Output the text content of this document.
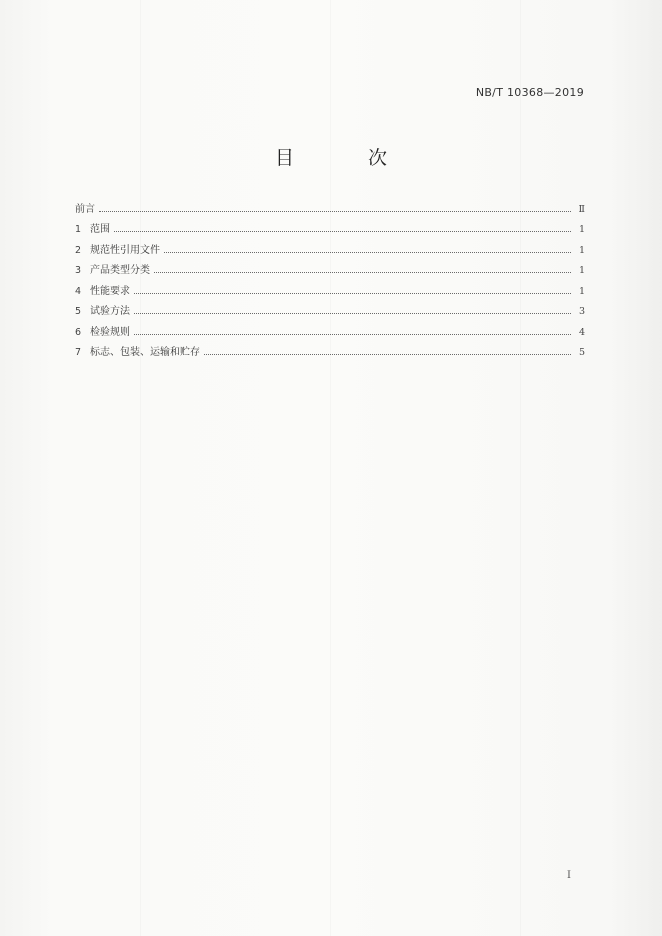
NB/T 10368—2019
目 次
前言	Ⅱ
1 范围	1
2 规范性引用文件	1
3 产品类型分类	1
4 性能要求	1
5 试验方法	3
6 检验规则	4
7 标志、包装、运输和贮存	5
Ⅰ
